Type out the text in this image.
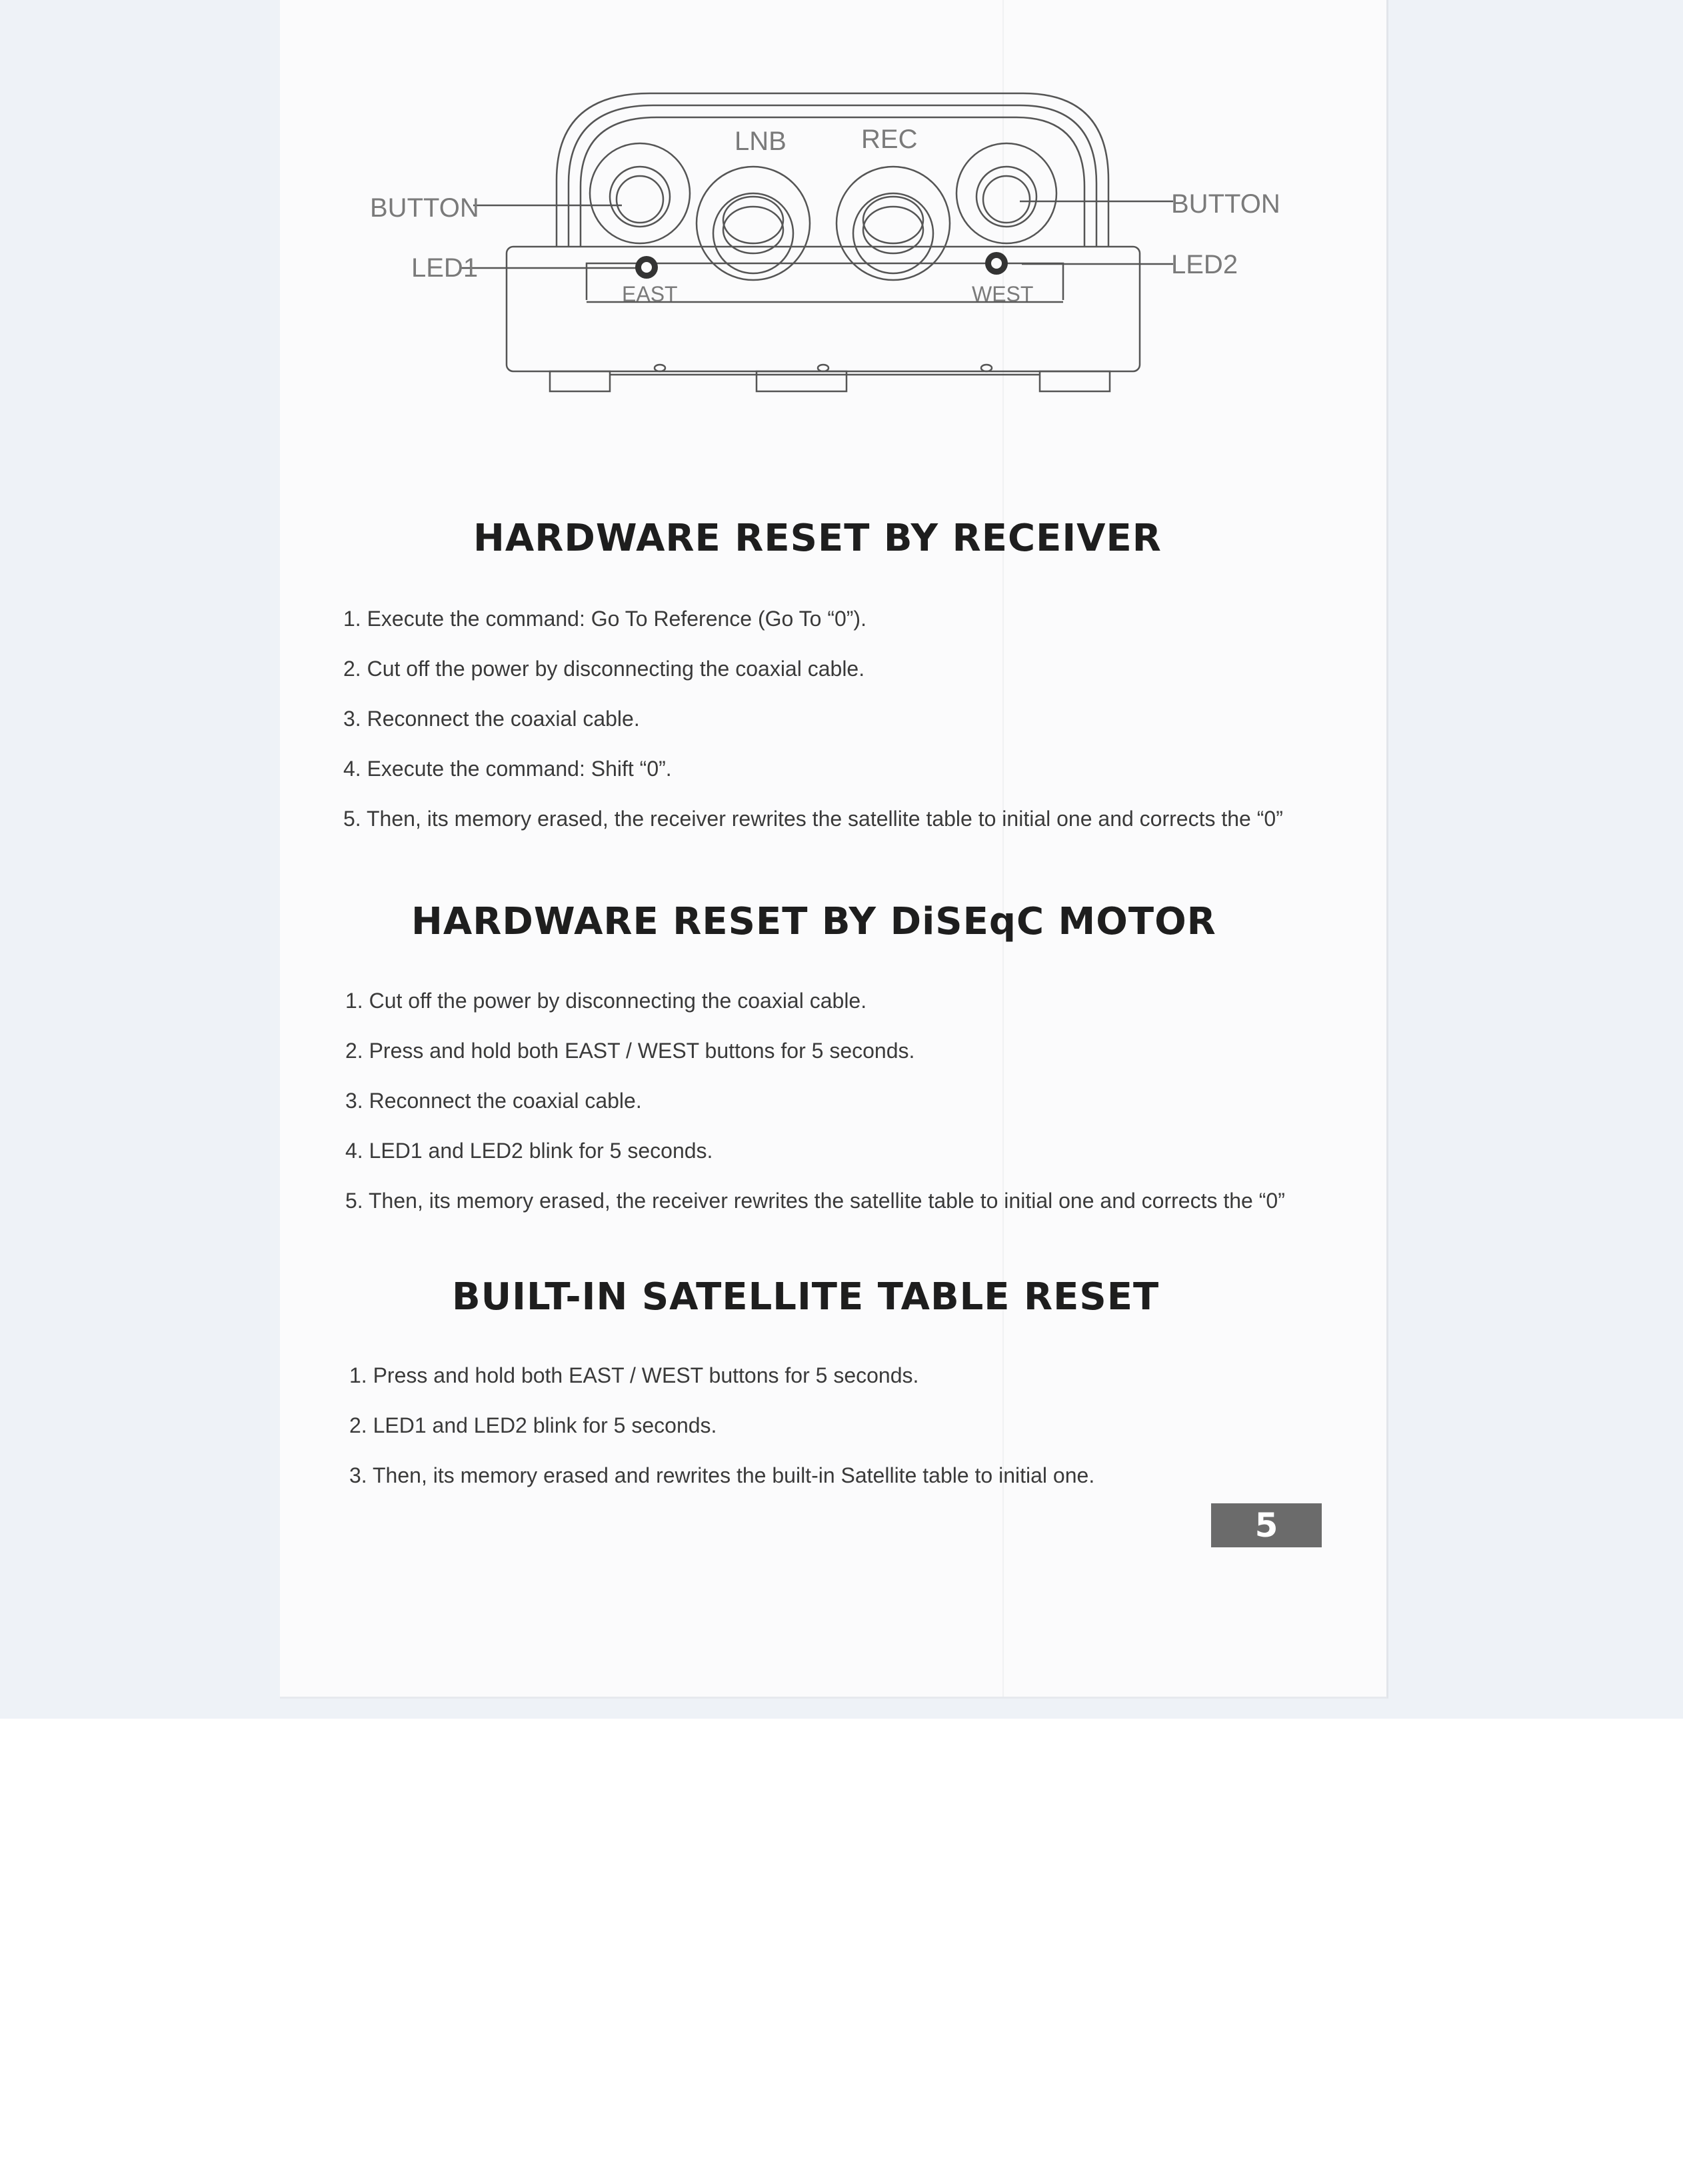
LNB	REC
BUTTON	BUTTON
LED1	LED2
EAST	WEST
HARDWARE RESET BY RECEIVER
1. Execute the command: Go To Reference (Go To “0”).
2. Cut off the power by disconnecting the coaxial cable.
3. Reconnect the coaxial cable.
4. Execute the command: Shift “0”.
5. Then, its memory erased, the receiver rewrites the satellite table to initial one and corrects the “0”
HARDWARE RESET BY DiSEqC MOTOR
1. Cut off the power by disconnecting the coaxial cable.
2. Press and hold both EAST / WEST buttons for 5 seconds.
3. Reconnect the coaxial cable.
4. LED1 and LED2 blink for 5 seconds.
5. Then, its memory erased, the receiver rewrites the satellite table to initial one and corrects the “0”
BUILT-IN SATELLITE TABLE RESET
1. Press and hold both EAST / WEST buttons for 5 seconds.
2. LED1 and LED2 blink for 5 seconds.
3. Then, its memory erased and rewrites the built-in Satellite table to initial one.
5
